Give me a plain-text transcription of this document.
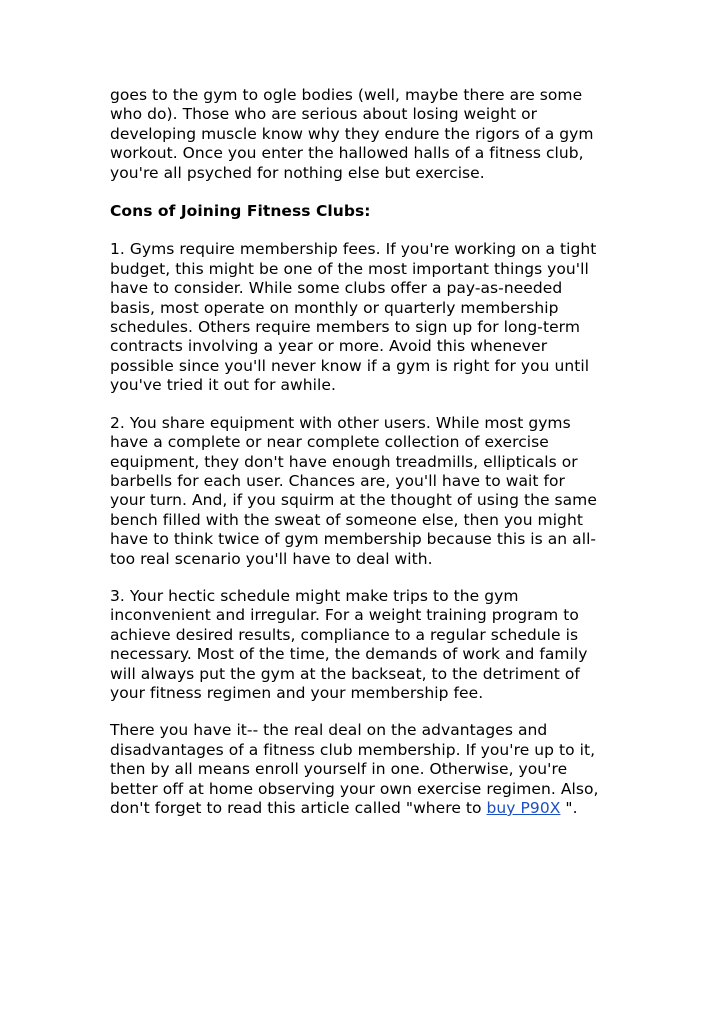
goes to the gym to ogle bodies (well, maybe there are some
who do). Those who are serious about losing weight or
developing muscle know why they endure the rigors of a gym
workout. Once you enter the hallowed halls of a fitness club,
you're all psyched for nothing else but exercise.
Cons of Joining Fitness Clubs:
1. Gyms require membership fees. If you're working on a tight
budget, this might be one of the most important things you'll
have to consider. While some clubs offer a pay-as-needed
basis, most operate on monthly or quarterly membership
schedules. Others require members to sign up for long-term
contracts involving a year or more. Avoid this whenever
possible since you'll never know if a gym is right for you until
you've tried it out for awhile.
2. You share equipment with other users. While most gyms
have a complete or near complete collection of exercise
equipment, they don't have enough treadmills, ellipticals or
barbells for each user. Chances are, you'll have to wait for
your turn. And, if you squirm at the thought of using the same
bench filled with the sweat of someone else, then you might
have to think twice of gym membership because this is an all-
too real scenario you'll have to deal with.
3. Your hectic schedule might make trips to the gym
inconvenient and irregular. For a weight training program to
achieve desired results, compliance to a regular schedule is
necessary. Most of the time, the demands of work and family
will always put the gym at the backseat, to the detriment of
your fitness regimen and your membership fee.
There you have it-- the real deal on the advantages and
disadvantages of a fitness club membership. If you're up to it,
then by all means enroll yourself in one. Otherwise, you're
better off at home observing your own exercise regimen. Also,
don't forget to read this article called "where to buy P90X ".
